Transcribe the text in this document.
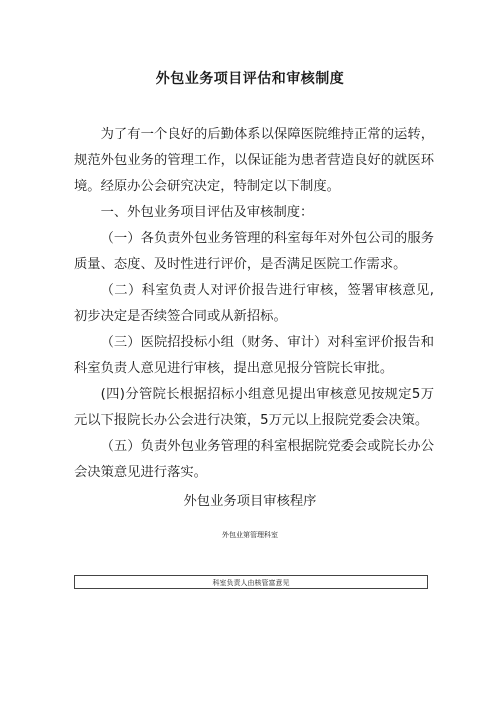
外包业务项目评估和审核制度

为了有一个良好的后勤体系以保障医院维持正常的运转，规范外包业务的管理工作，以保证能为患者营造良好的就医环境。经原办公会研究决定，特制定以下制度。

一、外包业务项目评估及审核制度：

（一）各负责外包业务管理的科室每年对外包公司的服务质量、态度、及时性进行评价，是否满足医院工作需求。

（二）科室负责人对评价报告进行审核，签署审核意见,初步决定是否续签合同或从新招标。

（三）医院招投标小组（财务、审计）对科室评价报告和科室负责人意见进行审核，提出意见报分管院长审批。

(四)分管院长根据招标小组意见提出审核意见按规定5万元以下报院长办公会进行决策，5万元以上报院党委会决策。

（五）负责外包业务管理的科室根据院党委会或院长办公会决策意见进行落实。

外包业务项目审核程序
外包业第管理科室
科室负责人由核管富意见
